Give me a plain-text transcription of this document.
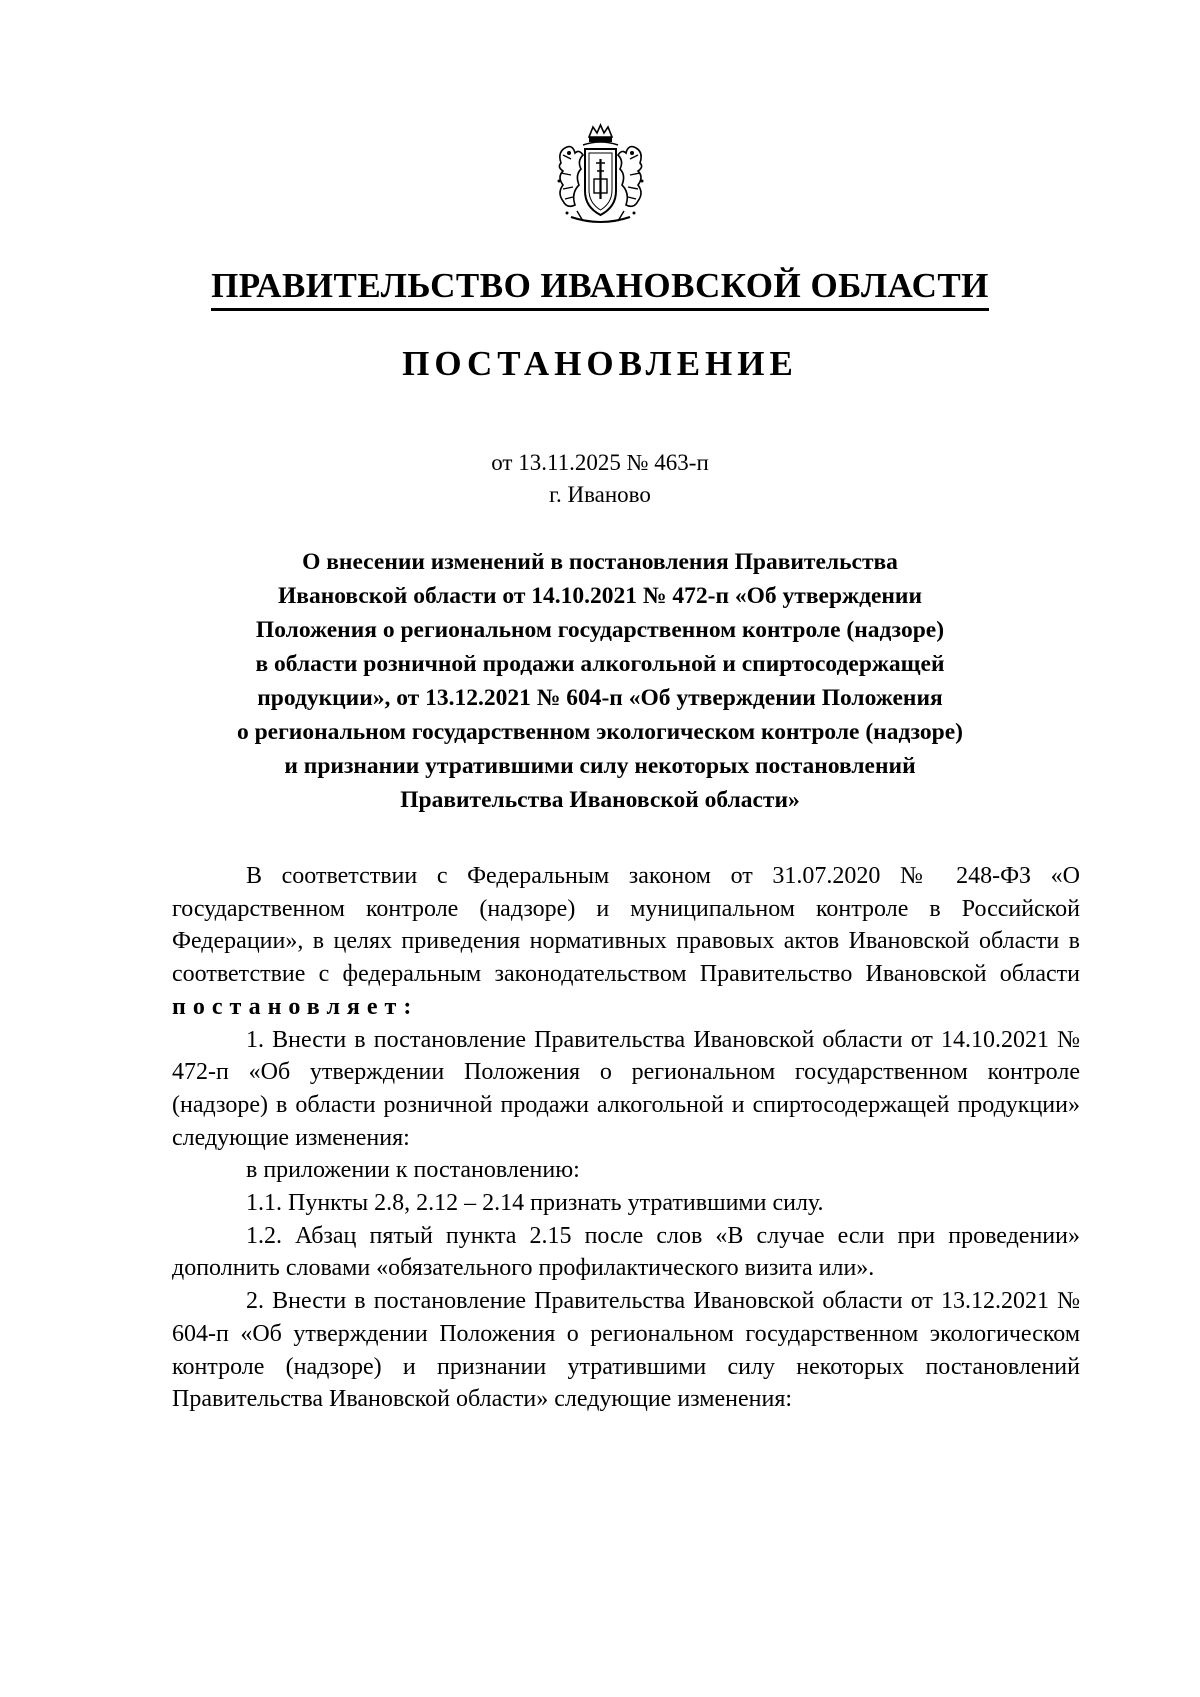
ПРАВИТЕЛЬСТВО ИВАНОВСКОЙ ОБЛАСТИ
ПОСТАНОВЛЕНИЕ
от 13.11.2025 № 463-п
г. Иваново
О внесении изменений в постановления Правительства
Ивановской области от 14.10.2021 № 472-п «Об утверждении
Положения о региональном государственном контроле (надзоре)
в области розничной продажи алкогольной и спиртосодержащей
продукции», от 13.12.2021 № 604-п «Об утверждении Положения
о региональном государственном экологическом контроле (надзоре)
и признании утратившими силу некоторых постановлений
Правительства Ивановской области»

В соответствии с Федеральным законом от 31.07.2020 № 248-ФЗ «О государственном контроле (надзоре) и муниципальном контроле в Российской Федерации», в целях приведения нормативных правовых актов Ивановской области в соответствие с федеральным законодательством Правительство Ивановской области

постановляет:

1. Внести в постановление Правительства Ивановской области от 14.10.2021 № 472-п «Об утверждении Положения о региональном государственном контроле (надзоре) в области розничной продажи алкогольной и спиртосодержащей продукции» следующие изменения:

в приложении к постановлению:

1.1. Пункты 2.8, 2.12 – 2.14 признать утратившими силу.

1.2. Абзац пятый пункта 2.15 после слов «В случае если при проведении» дополнить словами «обязательного профилактического визита или».

2. Внести в постановление Правительства Ивановской области от 13.12.2021 № 604-п «Об утверждении Положения о региональном государственном экологическом контроле (надзоре) и признании утратившими силу некоторых постановлений Правительства Ивановской области» следующие изменения:
